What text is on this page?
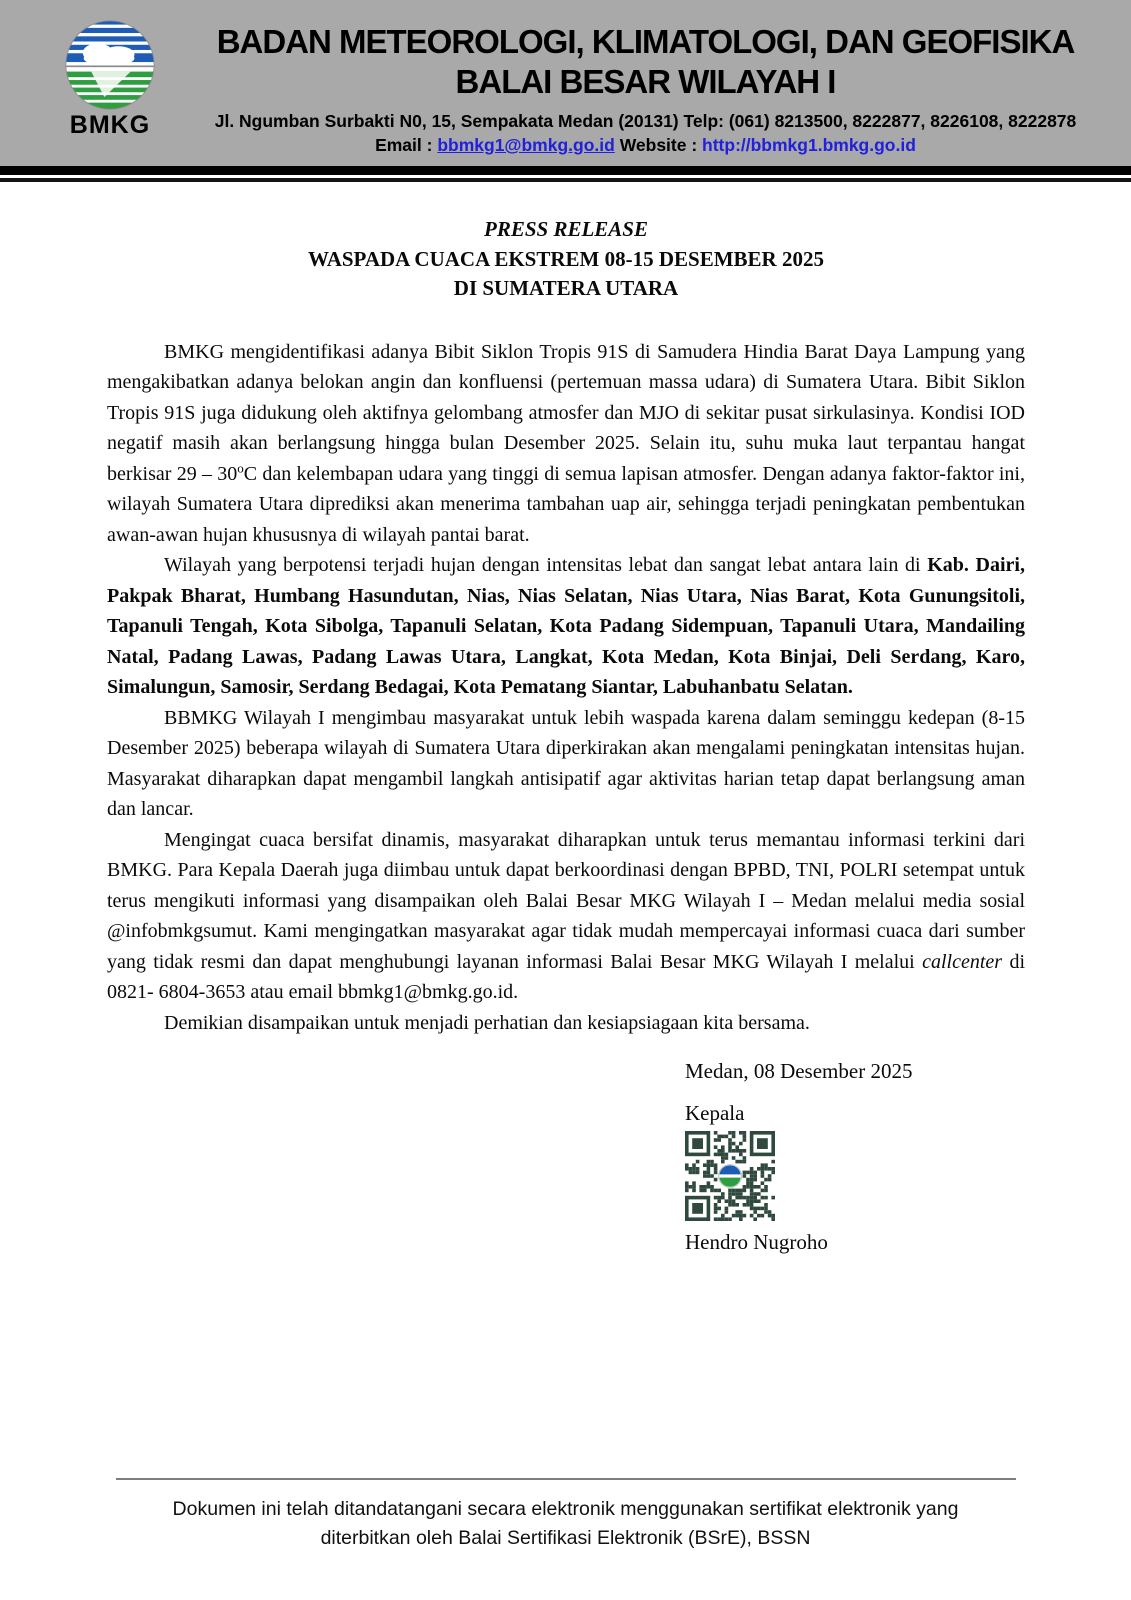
BMKG
BADAN METEOROLOGI, KLIMATOLOGI, DAN GEOFISIKA
BALAI BESAR WILAYAH I
Jl. Ngumban Surbakti N0, 15, Sempakata Medan (20131) Telp: (061) 8213500, 8222877, 8226108, 8222878
Email : bbmkg1@bmkg.go.id Website : http://bbmkg1.bmkg.go.id
PRESS RELEASE
WASPADA CUACA EKSTREM 08-15 DESEMBER 2025
DI SUMATERA UTARA

BMKG mengidentifikasi adanya Bibit Siklon Tropis 91S di Samudera Hindia Barat Daya Lampung yang mengakibatkan adanya belokan angin dan konfluensi (pertemuan massa udara) di Sumatera Utara. Bibit Siklon Tropis 91S juga didukung oleh aktifnya gelombang atmosfer dan MJO di sekitar pusat sirkulasinya. Kondisi IOD negatif masih akan berlangsung hingga bulan Desember 2025. Selain itu, suhu muka laut terpantau hangat berkisar 29 – 30$^o$C dan kelembapan udara yang tinggi di semua lapisan atmosfer. Dengan adanya faktor-faktor ini, wilayah Sumatera Utara diprediksi akan menerima tambahan uap air, sehingga terjadi peningkatan pembentukan awan-awan hujan khususnya di wilayah pantai barat.

Wilayah yang berpotensi terjadi hujan dengan intensitas lebat dan sangat lebat antara lain di Kab. Dairi, Pakpak Bharat, Humbang Hasundutan, Nias, Nias Selatan, Nias Utara, Nias Barat, Kota Gunungsitoli, Tapanuli Tengah, Kota Sibolga, Tapanuli Selatan, Kota Padang Sidempuan, Tapanuli Utara, Mandailing Natal, Padang Lawas, Padang Lawas Utara, Langkat, Kota Medan, Kota Binjai, Deli Serdang, Karo, Simalungun, Samosir, Serdang Bedagai, Kota Pematang Siantar, Labuhanbatu Selatan.

BBMKG Wilayah I mengimbau masyarakat untuk lebih waspada karena dalam seminggu kedepan (8-15 Desember 2025) beberapa wilayah di Sumatera Utara diperkirakan akan mengalami peningkatan intensitas hujan. Masyarakat diharapkan dapat mengambil langkah antisipatif agar aktivitas harian tetap dapat berlangsung aman dan lancar.

Mengingat cuaca bersifat dinamis, masyarakat diharapkan untuk terus memantau informasi terkini dari BMKG. Para Kepala Daerah juga diimbau untuk dapat berkoordinasi dengan BPBD, TNI, POLRI setempat untuk terus mengikuti informasi yang disampaikan oleh Balai Besar MKG Wilayah I – Medan melalui media sosial @infobmkgsumut. Kami mengingatkan masyarakat agar tidak mudah mempercayai informasi cuaca dari sumber yang tidak resmi dan dapat menghubungi layanan informasi Balai Besar MKG Wilayah I melalui callcenter di 0821- 6804-3653 atau email bbmkg1@bmkg.go.id.

Demikian disampaikan untuk menjadi perhatian dan kesiapsiagaan kita bersama.

Medan, 08 Desember 2025
Kepala
Hendro Nugroho
Dokumen ini telah ditandatangani secara elektronik menggunakan sertifikat elektronik yang diterbitkan oleh Balai Sertifikasi Elektronik (BSrE), BSSN
